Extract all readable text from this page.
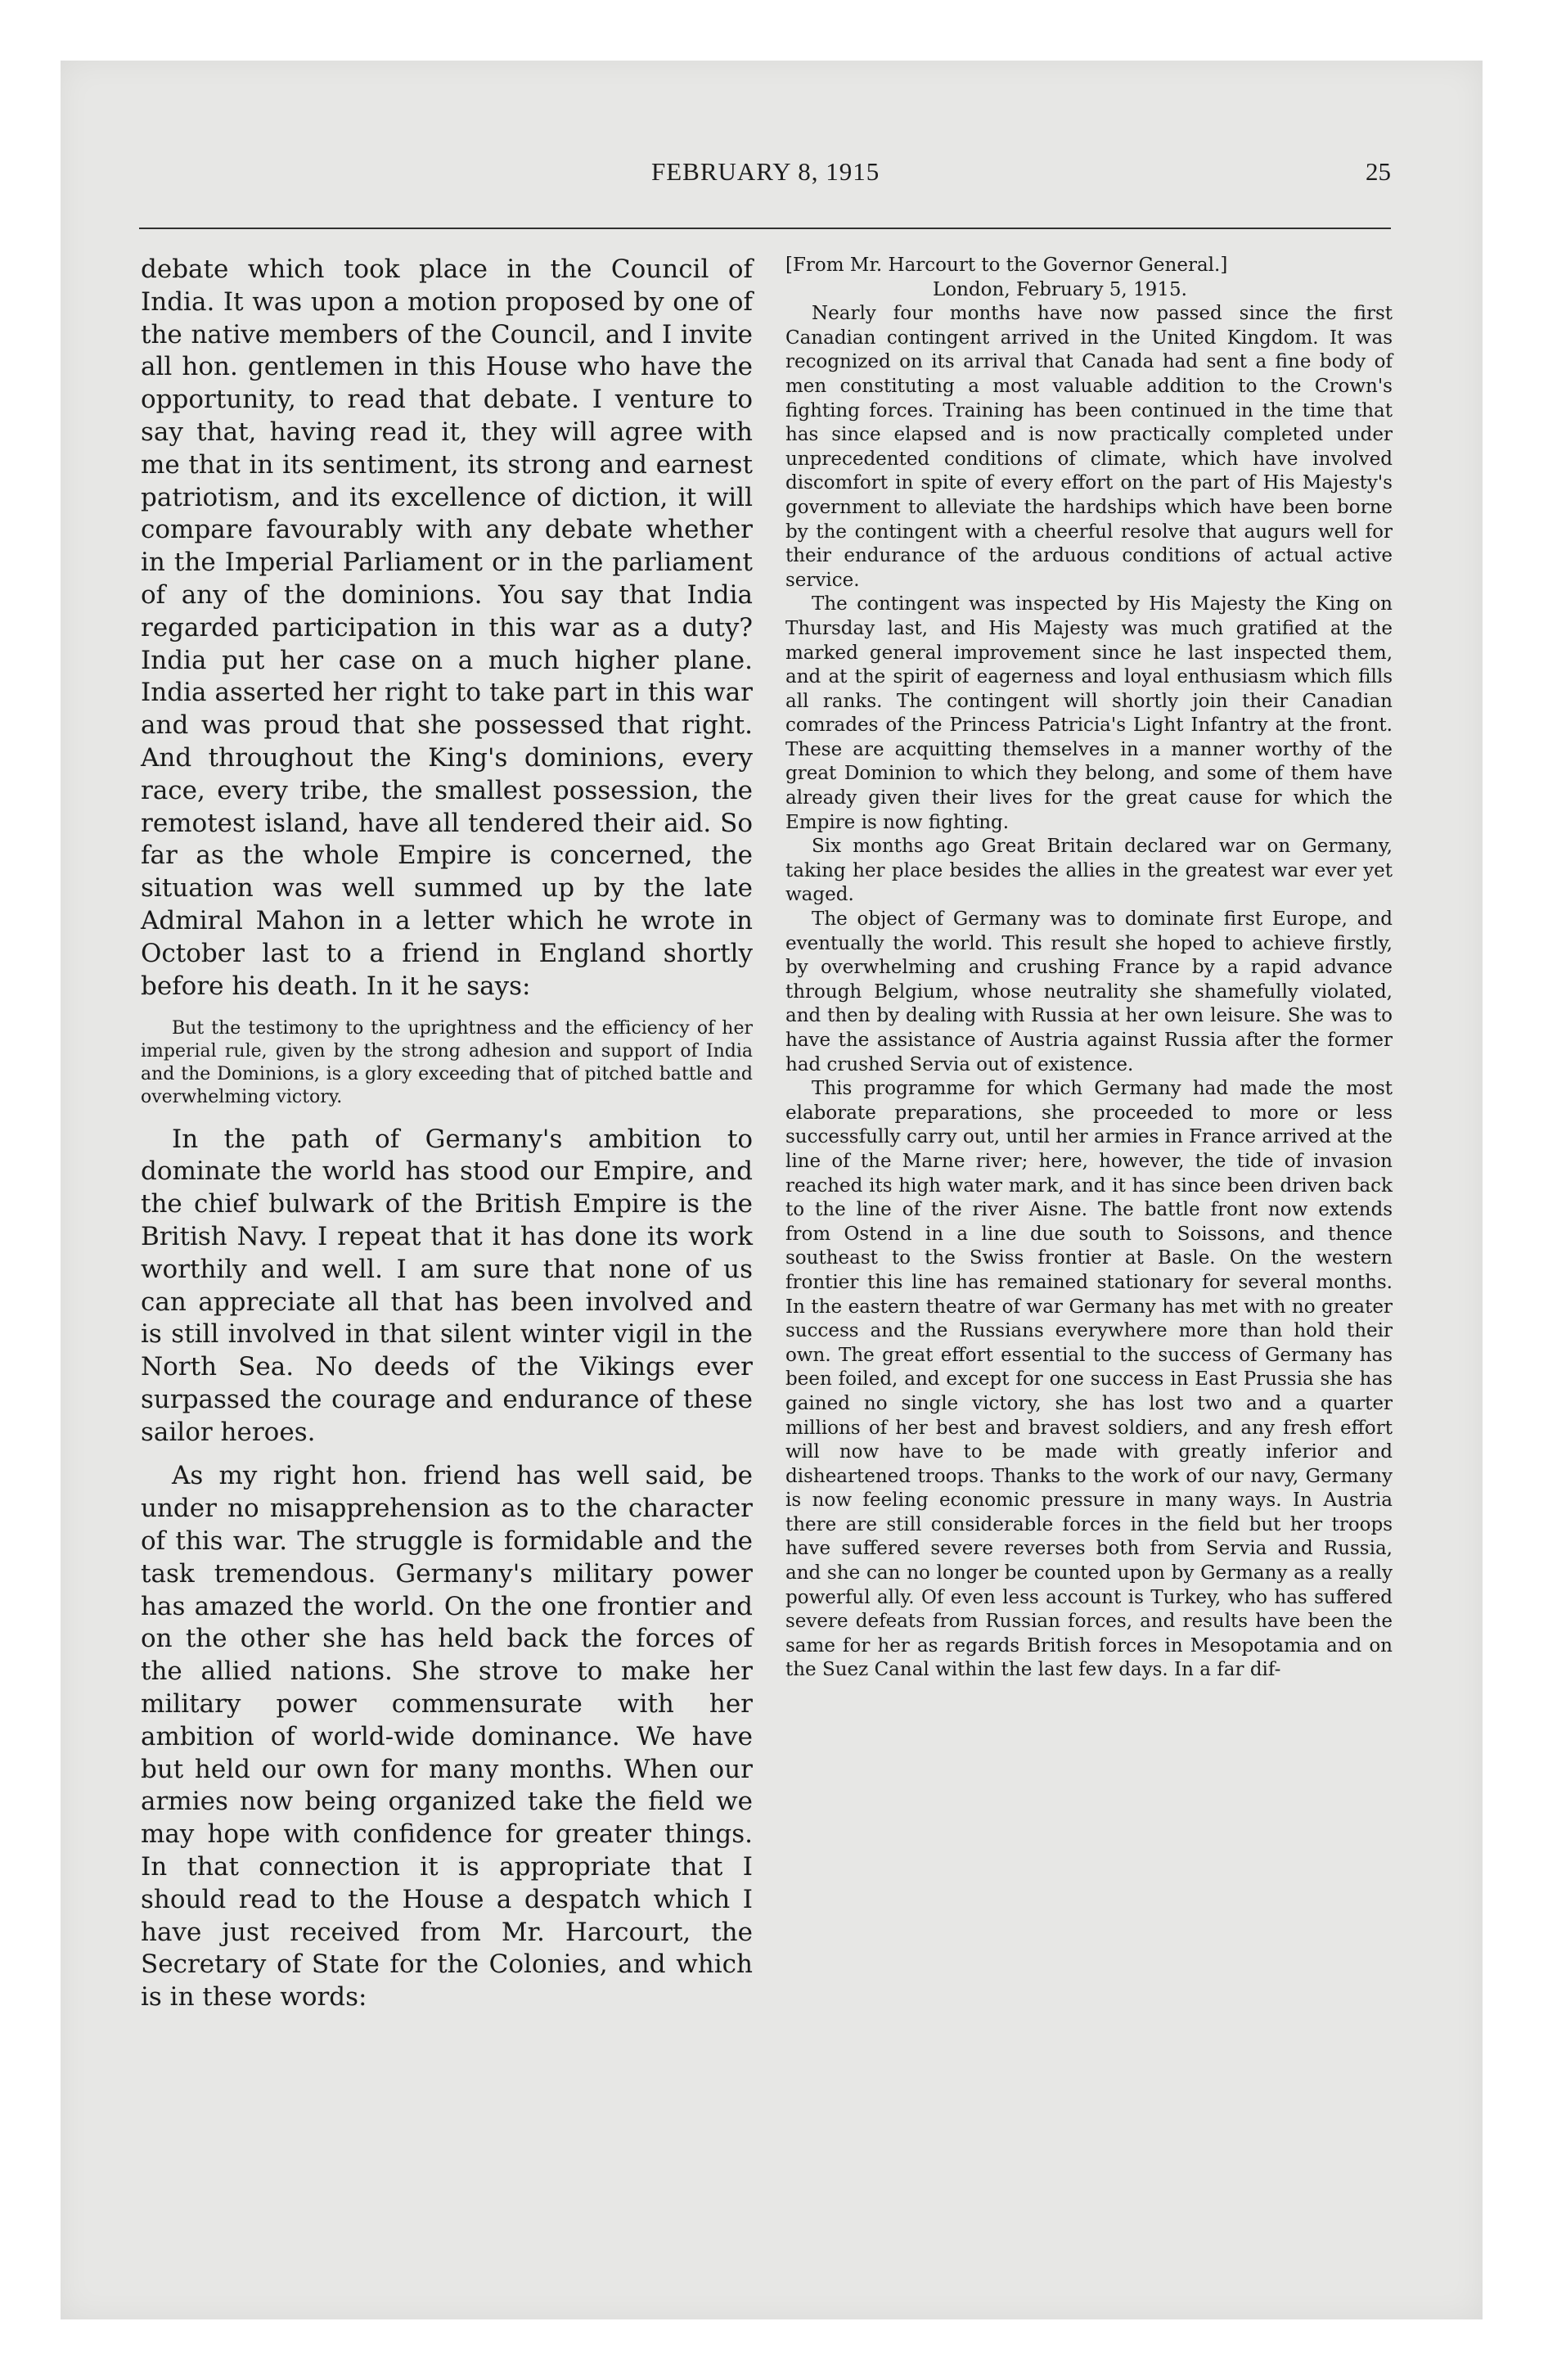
FEBRUARY 8, 1915	25

debate which took place in the Council of India. It was upon a motion proposed by one of the native members of the Council, and I invite all hon. gentlemen in this House who have the opportunity, to read that debate. I venture to say that, having read it, they will agree with me that in its sentiment, its strong and earnest patriotism, and its excellence of diction, it will compare favourably with any debate whether in the Imperial Parliament or in the parliament of any of the dominions. You say that India regarded participation in this war as a duty? India put her case on a much higher plane. India asserted her right to take part in this war and was proud that she possessed that right. And throughout the King's dominions, every race, every tribe, the smallest possession, the remotest island, have all tendered their aid. So far as the whole Empire is concerned, the situation was well summed up by the late Admiral Mahon in a letter which he wrote in October last to a friend in England shortly before his death. In it he says:

But the testimony to the uprightness and the efficiency of her imperial rule, given by the strong adhesion and support of India and the Dominions, is a glory exceeding that of pitched battle and overwhelming victory.

In the path of Germany's ambition to dominate the world has stood our Empire, and the chief bulwark of the British Empire is the British Navy. I repeat that it has done its work worthily and well. I am sure that none of us can appreciate all that has been involved and is still involved in that silent winter vigil in the North Sea. No deeds of the Vikings ever surpassed the courage and endurance of these sailor heroes.

As my right hon. friend has well said, be under no misapprehension as to the character of this war. The struggle is formidable and the task tremendous. Germany's military power has amazed the world. On the one frontier and on the other she has held back the forces of the allied nations. She strove to make her military power commensurate with her ambition of world-wide dominance. We have but held our own for many months. When our armies now being organized take the field we may hope with confidence for greater things. In that connection it is appropriate that I should read to the House a despatch which I have just received from Mr. Harcourt, the Secretary of State for the Colonies, and which is in these words:

[From Mr. Harcourt to the Governor General.]

London, February 5, 1915.

Nearly four months have now passed since the first Canadian contingent arrived in the United Kingdom. It was recognized on its arrival that Canada had sent a fine body of men constituting a most valuable addition to the Crown's fighting forces. Training has been continued in the time that has since elapsed and is now practically completed under unprecedented conditions of climate, which have involved discomfort in spite of every effort on the part of His Majesty's government to alleviate the hardships which have been borne by the contingent with a cheerful resolve that augurs well for their endurance of the arduous conditions of actual active service.

The contingent was inspected by His Majesty the King on Thursday last, and His Majesty was much gratified at the marked general improvement since he last inspected them, and at the spirit of eagerness and loyal enthusiasm which fills all ranks. The contingent will shortly join their Canadian comrades of the Princess Patricia's Light Infantry at the front. These are acquitting themselves in a manner worthy of the great Dominion to which they belong, and some of them have already given their lives for the great cause for which the Empire is now fighting.

Six months ago Great Britain declared war on Germany, taking her place besides the allies in the greatest war ever yet waged.

The object of Germany was to dominate first Europe, and eventually the world. This result she hoped to achieve firstly, by overwhelming and crushing France by a rapid advance through Belgium, whose neutrality she shamefully violated, and then by dealing with Russia at her own leisure. She was to have the assistance of Austria against Russia after the former had crushed Servia out of existence.

This programme for which Germany had made the most elaborate preparations, she proceeded to more or less successfully carry out, until her armies in France arrived at the line of the Marne river; here, however, the tide of invasion reached its high water mark, and it has since been driven back to the line of the river Aisne. The battle front now extends from Ostend in a line due south to Soissons, and thence southeast to the Swiss frontier at Basle. On the western frontier this line has remained stationary for several months. In the eastern theatre of war Germany has met with no greater success and the Russians everywhere more than hold their own. The great effort essential to the success of Germany has been foiled, and except for one success in East Prussia she has gained no single victory, she has lost two and a quarter millions of her best and bravest soldiers, and any fresh effort will now have to be made with greatly inferior and disheartened troops. Thanks to the work of our navy, Germany is now feeling economic pressure in many ways. In Austria there are still considerable forces in the field but her troops have suffered severe reverses both from Servia and Russia, and she can no longer be counted upon by Germany as a really powerful ally. Of even less account is Turkey, who has suffered severe defeats from Russian forces, and results have been the same for her as regards British forces in Mesopotamia and on the Suez Canal within the last few days. In a far dif-
